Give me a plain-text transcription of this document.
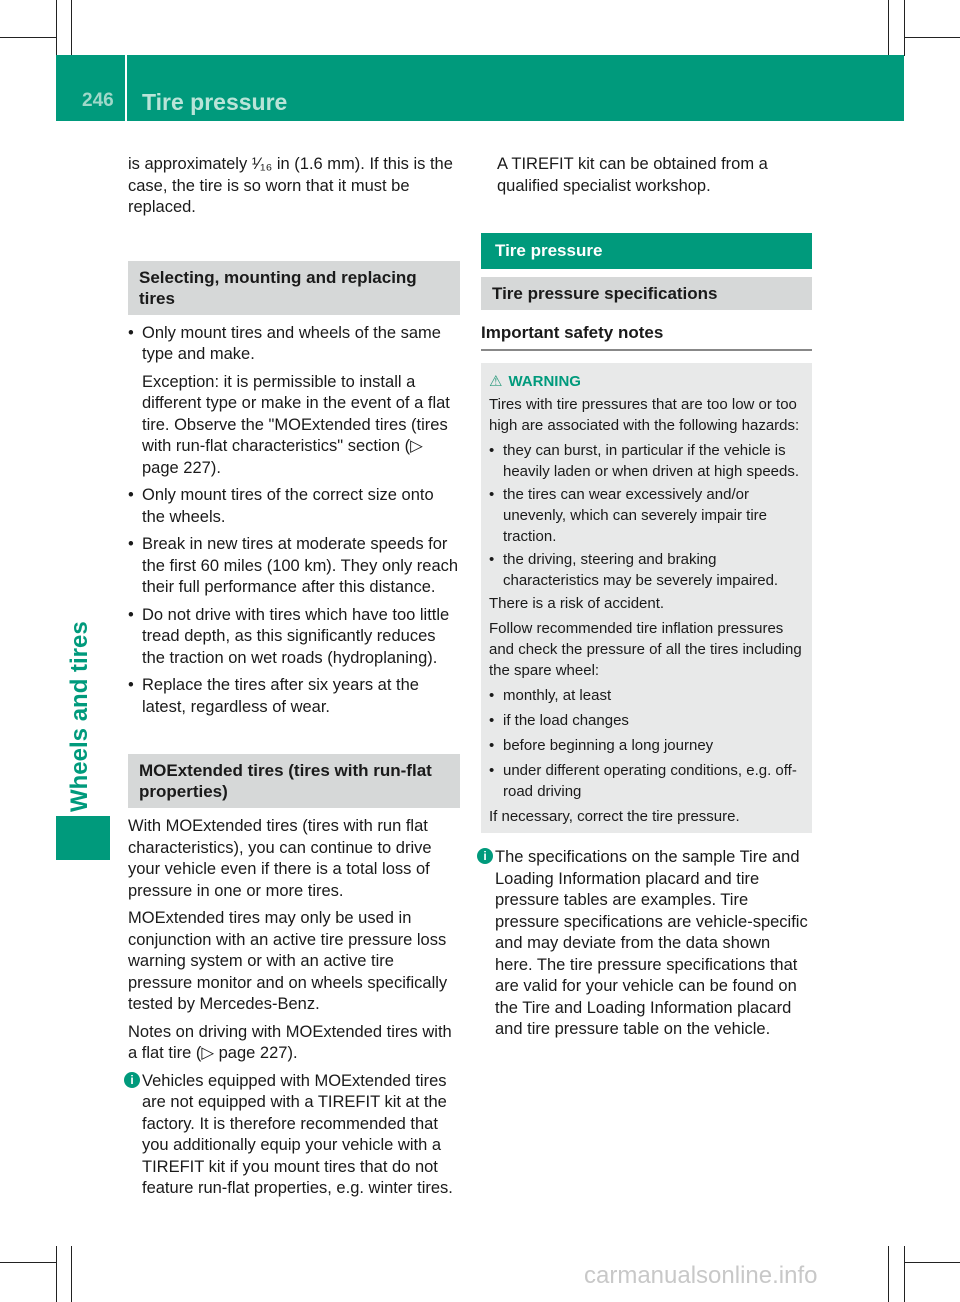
246 Tire pressure
Wheels and tires

is approximately ¹⁄₁₆ in (1.6 mm). If this is the case, the tire is so worn that it must be replaced.

Selecting, mounting and replacing tires
• Only mount tires and wheels of the same type and make.
Exception: it is permissible to install a different type or make in the event of a flat tire. Observe the "MOExtended tires (tires with run-flat characteristics" section (▷ page 227).
• Only mount tires of the correct size onto the wheels.
• Break in new tires at moderate speeds for the first 60 miles (100 km). They only reach their full performance after this distance.
• Do not drive with tires which have too little tread depth, as this significantly reduces the traction on wet roads (hydroplaning).
• Replace the tires after six years at the latest, regardless of wear.
MOExtended tires (tires with run-flat properties)

With MOExtended tires (tires with run flat characteristics), you can continue to drive your vehicle even if there is a total loss of pressure in one or more tires.

MOExtended tires may only be used in conjunction with an active tire pressure loss warning system or with an active tire pressure monitor and on wheels specifically tested by Mercedes-Benz.

Notes on driving with MOExtended tires with a flat tire (▷ page 227).

i Vehicles equipped with MOExtended tires are not equipped with a TIREFIT kit at the factory. It is therefore recommended that you additionally equip your vehicle with a TIREFIT kit if you mount tires that do not feature run-flat properties, e.g. winter tires.
A TIREFIT kit can be obtained from a qualified specialist workshop.
Tire pressure
Tire pressure specifications
Important safety notes
⚠ WARNING
Tires with tire pressures that are too low or too high are associated with the following hazards:
• they can burst, in particular if the vehicle is heavily laden or when driven at high speeds.
• the tires can wear excessively and/or unevenly, which can severely impair tire traction.
• the driving, steering and braking characteristics may be severely impaired.
There is a risk of accident.
Follow recommended tire inflation pressures and check the pressure of all the tires including the spare wheel:
• monthly, at least
• if the load changes
• before beginning a long journey
• under different operating conditions, e.g. off-road driving
If necessary, correct the tire pressure.
i The specifications on the sample Tire and Loading Information placard and tire pressure tables are examples. Tire pressure specifications are vehicle-specific and may deviate from the data shown here. The tire pressure specifications that are valid for your vehicle can be found on the Tire and Loading Information placard and tire pressure table on the vehicle.
carmanualsonline.info
